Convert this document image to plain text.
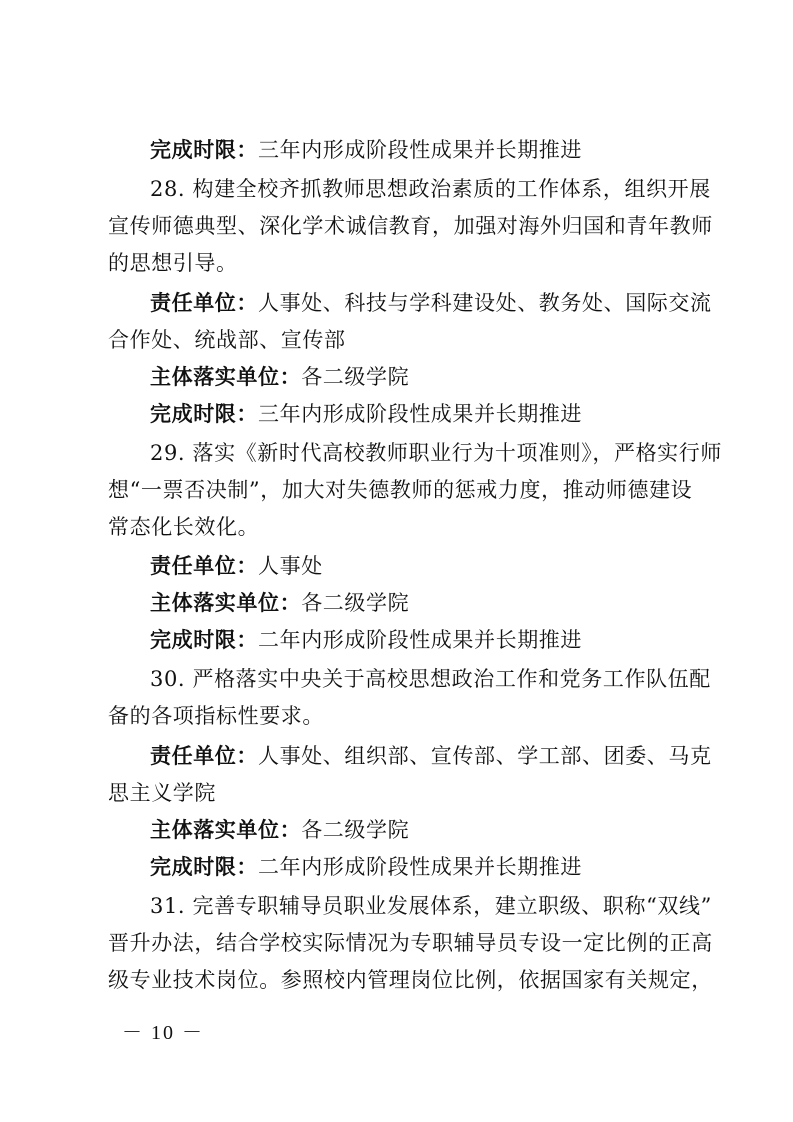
完成时限：三年内形成阶段性成果并长期推进
28. 构建全校齐抓教师思想政治素质的工作体系，组织开展
宣传师德典型、深化学术诚信教育，加强对海外归国和青年教师
的思想引导。
责任单位：人事处、科技与学科建设处、教务处、国际交流
合作处、统战部、宣传部
主体落实单位：各二级学院
完成时限：三年内形成阶段性成果并长期推进
29. 落实《新时代高校教师职业行为十项准则》，严格实行师
想“一票否决制”，加大对失德教师的惩戒力度，推动师德建设
常态化长效化。
责任单位：人事处
主体落实单位：各二级学院
完成时限：二年内形成阶段性成果并长期推进
30. 严格落实中央关于高校思想政治工作和党务工作队伍配
备的各项指标性要求。
责任单位：人事处、组织部、宣传部、学工部、团委、马克
思主义学院
主体落实单位：各二级学院
完成时限：二年内形成阶段性成果并长期推进
31. 完善专职辅导员职业发展体系，建立职级、职称“双线”
晋升办法，结合学校实际情况为专职辅导员专设一定比例的正高
级专业技术岗位。参照校内管理岗位比例，依据国家有关规定，
－ 10 －
